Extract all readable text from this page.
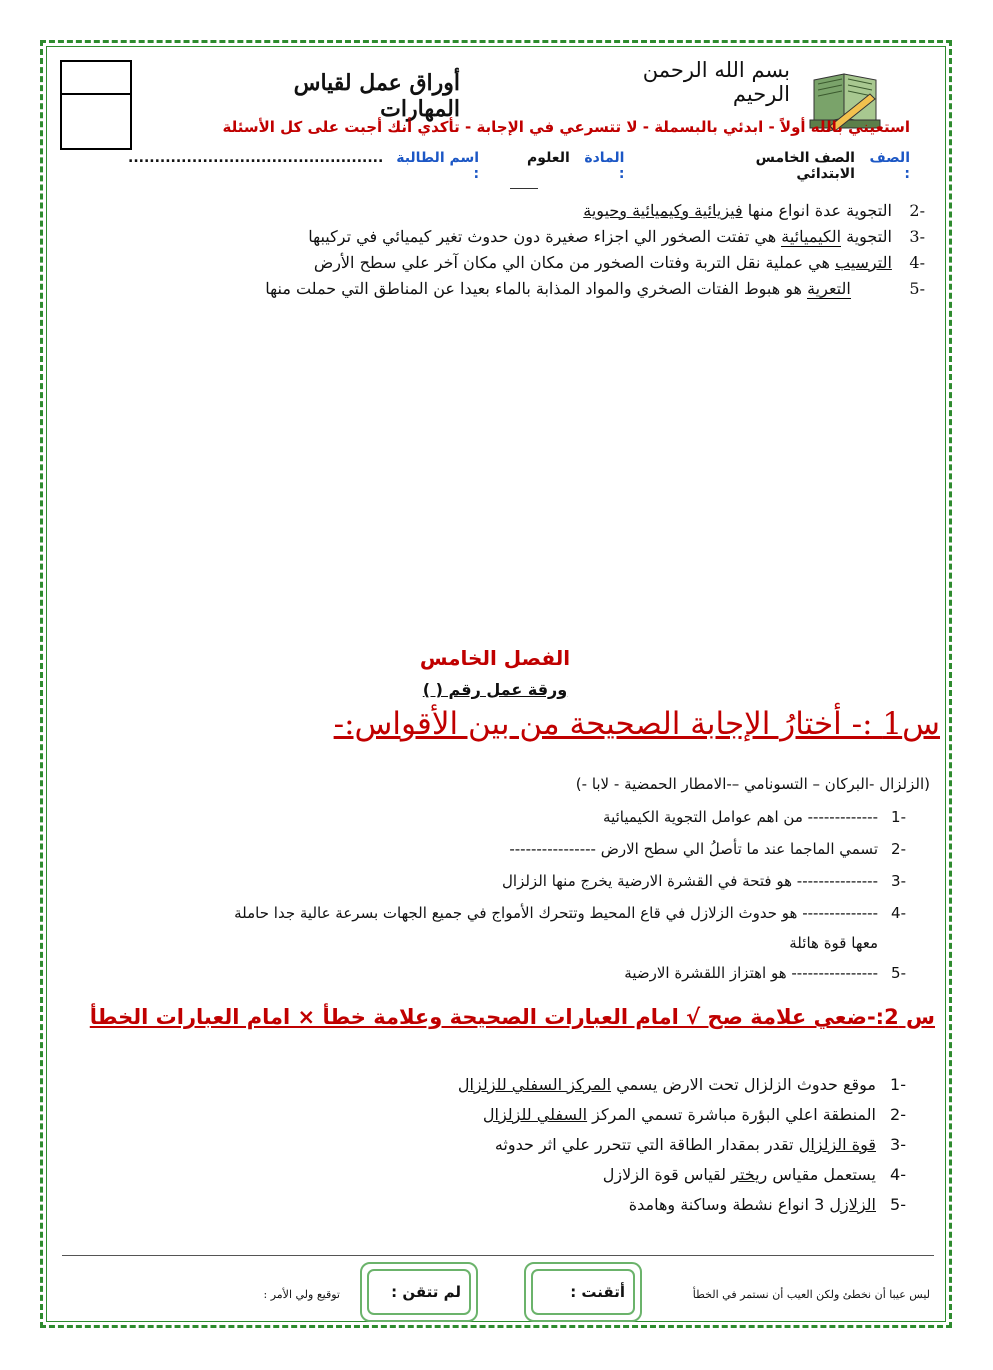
بسم الله الرحمن الرحيم
أوراق عمل لقياس المهارات
استعيني بالله أولاً - ابدئي بالبسملة - لا تتسرعي في الإجابة - تأكدي أنك أجبت على كل الأسئلة
الصف :
الصف الخامس الابتدائي
المادة :
العلوم
اسم الطالبة :
................................................
-2 التجوية عدة انواع منها فيزيائية وكيميائية وحيوية
-3 التجوية الكيميائية هي تفتت الصخور الي اجزاء صغيرة دون حدوث تغير كيميائي في تركيبها
-4 الترسيب هي عملية نقل التربة وفتات الصخور من مكان الي مكان آخر علي سطح الأرض
-5  التعرية هو هبوط الفتات الصخري والمواد المذابة بالماء بعيدا عن المناطق التي حملت منها
الفصل الخامس
ورقة عمل رقم ( )
س1 :- أختارُ الإجابة الصحيحة من بين الأقواس:-
(الزلزال -البركان – التسونامي –-الامطار الحمضية - لابا -)
-1------------- من اهم عوامل التجوية الكيميائية
-2تسمي الماجما عند ما تأصلُ الي سطح الارض ----------------
-3--------------- هو فتحة في القشرة الارضية يخرج منها الزلزال
-4-------------- هو حدوث الزلازل في قاع المحيط وتتحرك الأمواج في جميع الجهات بسرعة عالية جدا حاملة
معها قوة هائلة
-5---------------- هو اهتزاز اللقشرة الارضية
س 2:-ضعي علامة صح √ امام العبارات الصحيحة وعلامة خطأ × امام العبارات الخطأ
-1موقع حدوث الزلزال تحت الارض يسمي المركز السفلي للزلزال
-2المنطقة اعلي البؤرة مباشرة تسمي المركز السفلي للزلزال
-3قوة الزلزال تقدر بمقدار الطاقة التي تتحرر علي اثر حدوثه
-4يستعمل مقياس ريختر لقياس قوة الزلازل
-5الزلازل 3 انواع نشطة وساكنة وهامدة
ليس عيبا أن نخطئ ولكن العيب أن نستمر في الخطأ
أتقنت :
لم تتقن :
توقيع ولي الأمر :
